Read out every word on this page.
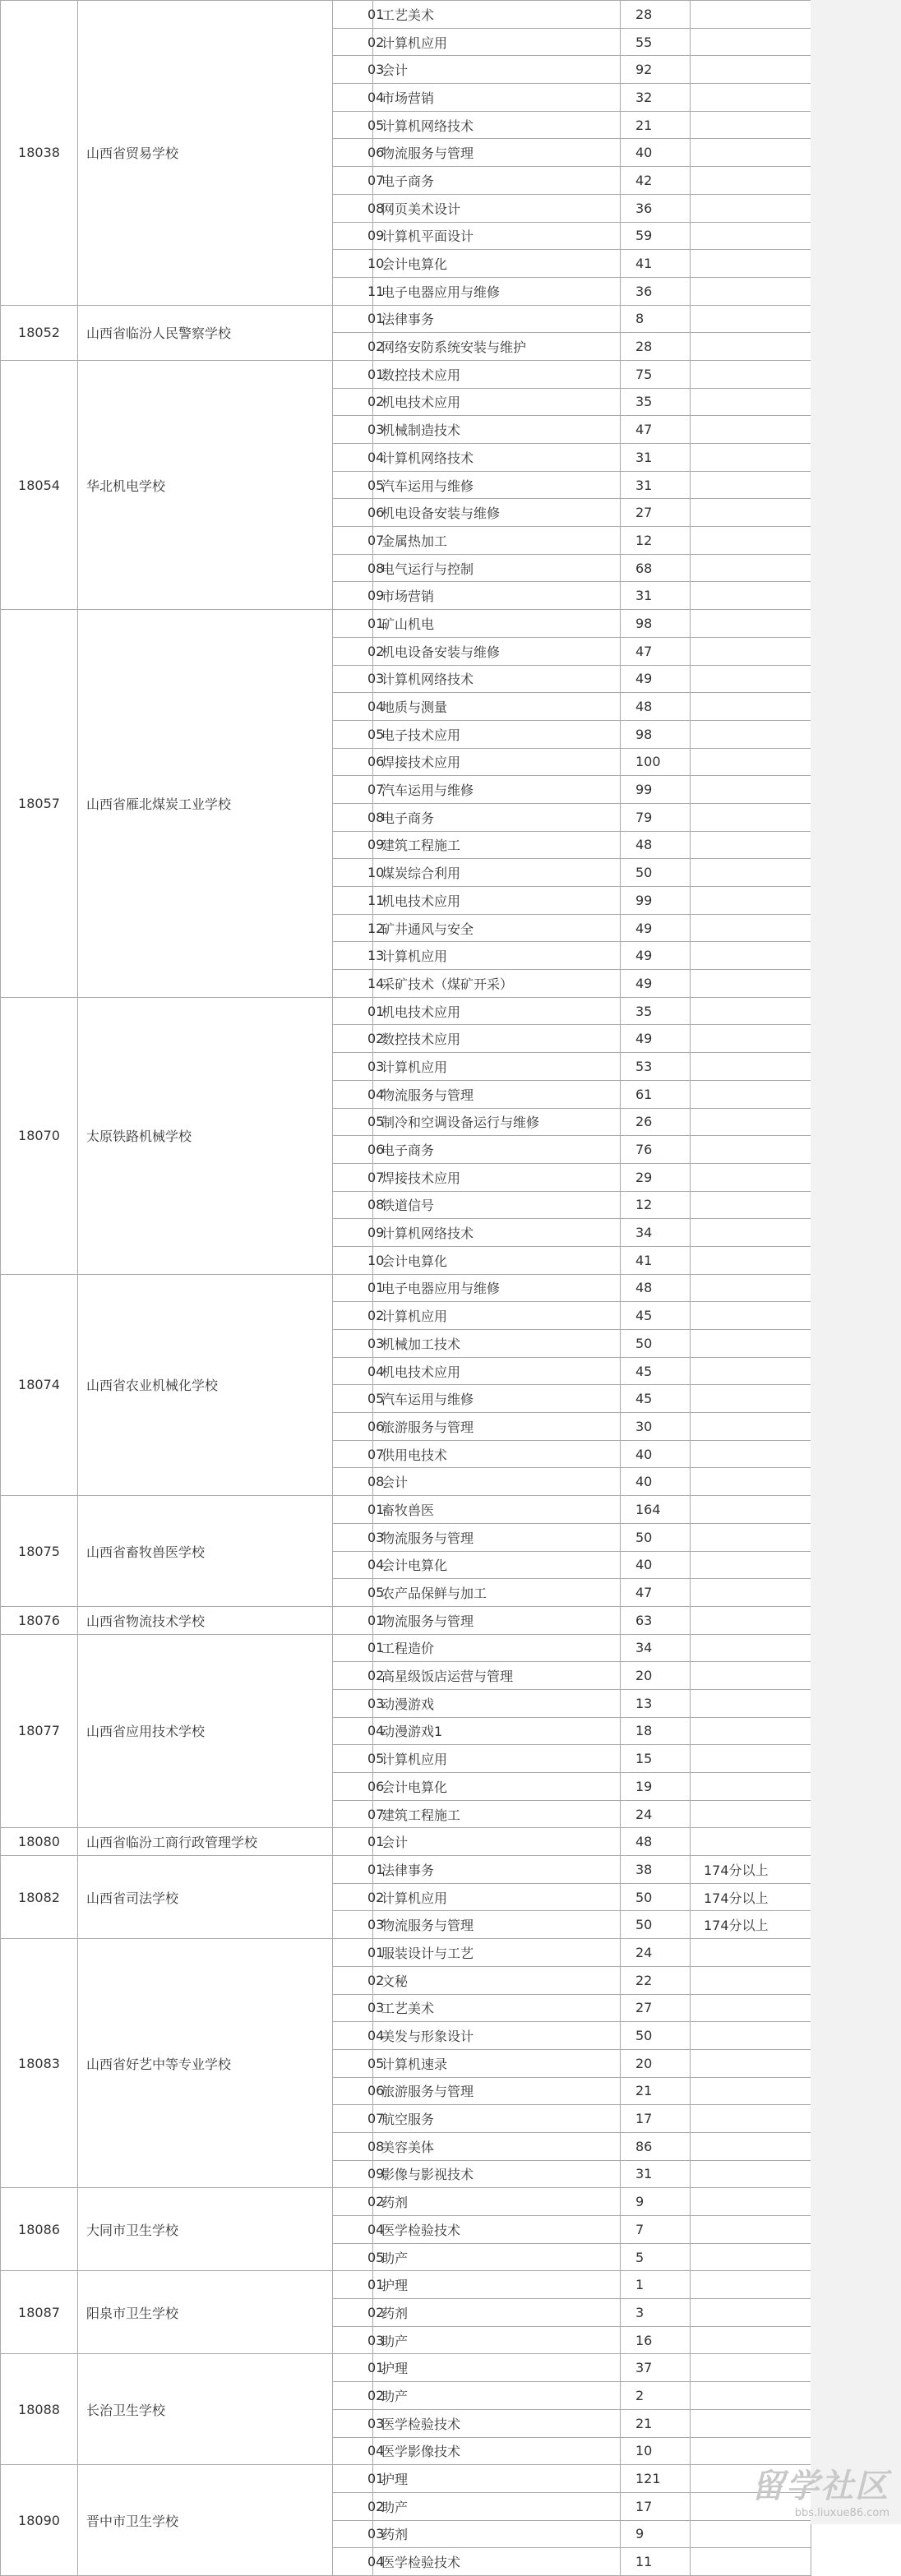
18038	山西省贸易学校	01	工艺美术	28	
		02	计算机应用	55	
		03	会计	92	
		04	市场营销	32	
		05	计算机网络技术	21	
		06	物流服务与管理	40	
		07	电子商务	42	
		08	网页美术设计	36	
		09	计算机平面设计	59	
		10	会计电算化	41	
		11	电子电器应用与维修	36	
18052	山西省临汾人民警察学校	01	法律事务	8	
		02	网络安防系统安装与维护	28	
18054	华北机电学校	01	数控技术应用	75	
		02	机电技术应用	35	
		03	机械制造技术	47	
		04	计算机网络技术	31	
		05	汽车运用与维修	31	
		06	机电设备安装与维修	27	
		07	金属热加工	12	
		08	电气运行与控制	68	
		09	市场营销	31	
18057	山西省雁北煤炭工业学校	01	矿山机电	98	
		02	机电设备安装与维修	47	
		03	计算机网络技术	49	
		04	地质与测量	48	
		05	电子技术应用	98	
		06	焊接技术应用	100	
		07	汽车运用与维修	99	
		08	电子商务	79	
		09	建筑工程施工	48	
		10	煤炭综合利用	50	
		11	机电技术应用	99	
		12	矿井通风与安全	49	
		13	计算机应用	49	
		14	采矿技术（煤矿开采）	49	
18070	太原铁路机械学校	01	机电技术应用	35	
		02	数控技术应用	49	
		03	计算机应用	53	
		04	物流服务与管理	61	
		05	制冷和空调设备运行与维修	26	
		06	电子商务	76	
		07	焊接技术应用	29	
		08	铁道信号	12	
		09	计算机网络技术	34	
		10	会计电算化	41	
18074	山西省农业机械化学校	01	电子电器应用与维修	48	
		02	计算机应用	45	
		03	机械加工技术	50	
		04	机电技术应用	45	
		05	汽车运用与维修	45	
		06	旅游服务与管理	30	
		07	供用电技术	40	
		08	会计	40	
18075	山西省畜牧兽医学校	01	畜牧兽医	164	
		03	物流服务与管理	50	
		04	会计电算化	40	
		05	农产品保鲜与加工	47	
18076	山西省物流技术学校	01	物流服务与管理	63	
18077	山西省应用技术学校	01	工程造价	34	
		02	高星级饭店运营与管理	20	
		03	动漫游戏	13	
		04	动漫游戏1	18	
		05	计算机应用	15	
		06	会计电算化	19	
		07	建筑工程施工	24	
18080	山西省临汾工商行政管理学校	01	会计	48	
18082	山西省司法学校	01	法律事务	38	174分以上
		02	计算机应用	50	174分以上
		03	物流服务与管理	50	174分以上
18083	山西省好艺中等专业学校	01	服装设计与工艺	24	
		02	文秘	22	
		03	工艺美术	27	
		04	美发与形象设计	50	
		05	计算机速录	20	
		06	旅游服务与管理	21	
		07	航空服务	17	
		08	美容美体	86	
		09	影像与影视技术	31	
18086	大同市卫生学校	02	药剂	9	
		04	医学检验技术	7	
		05	助产	5	
18087	阳泉市卫生学校	01	护理	1	
		02	药剂	3	
		03	助产	16	
18088	长治卫生学校	01	护理	37	
		02	助产	2	
		03	医学检验技术	21	
		04	医学影像技术	10	
18090	晋中市卫生学校	01	护理	121	
		02	助产	17	
		03	药剂	9	
		04	医学检验技术	11	
留学社区
bbs.liuxue86.com
